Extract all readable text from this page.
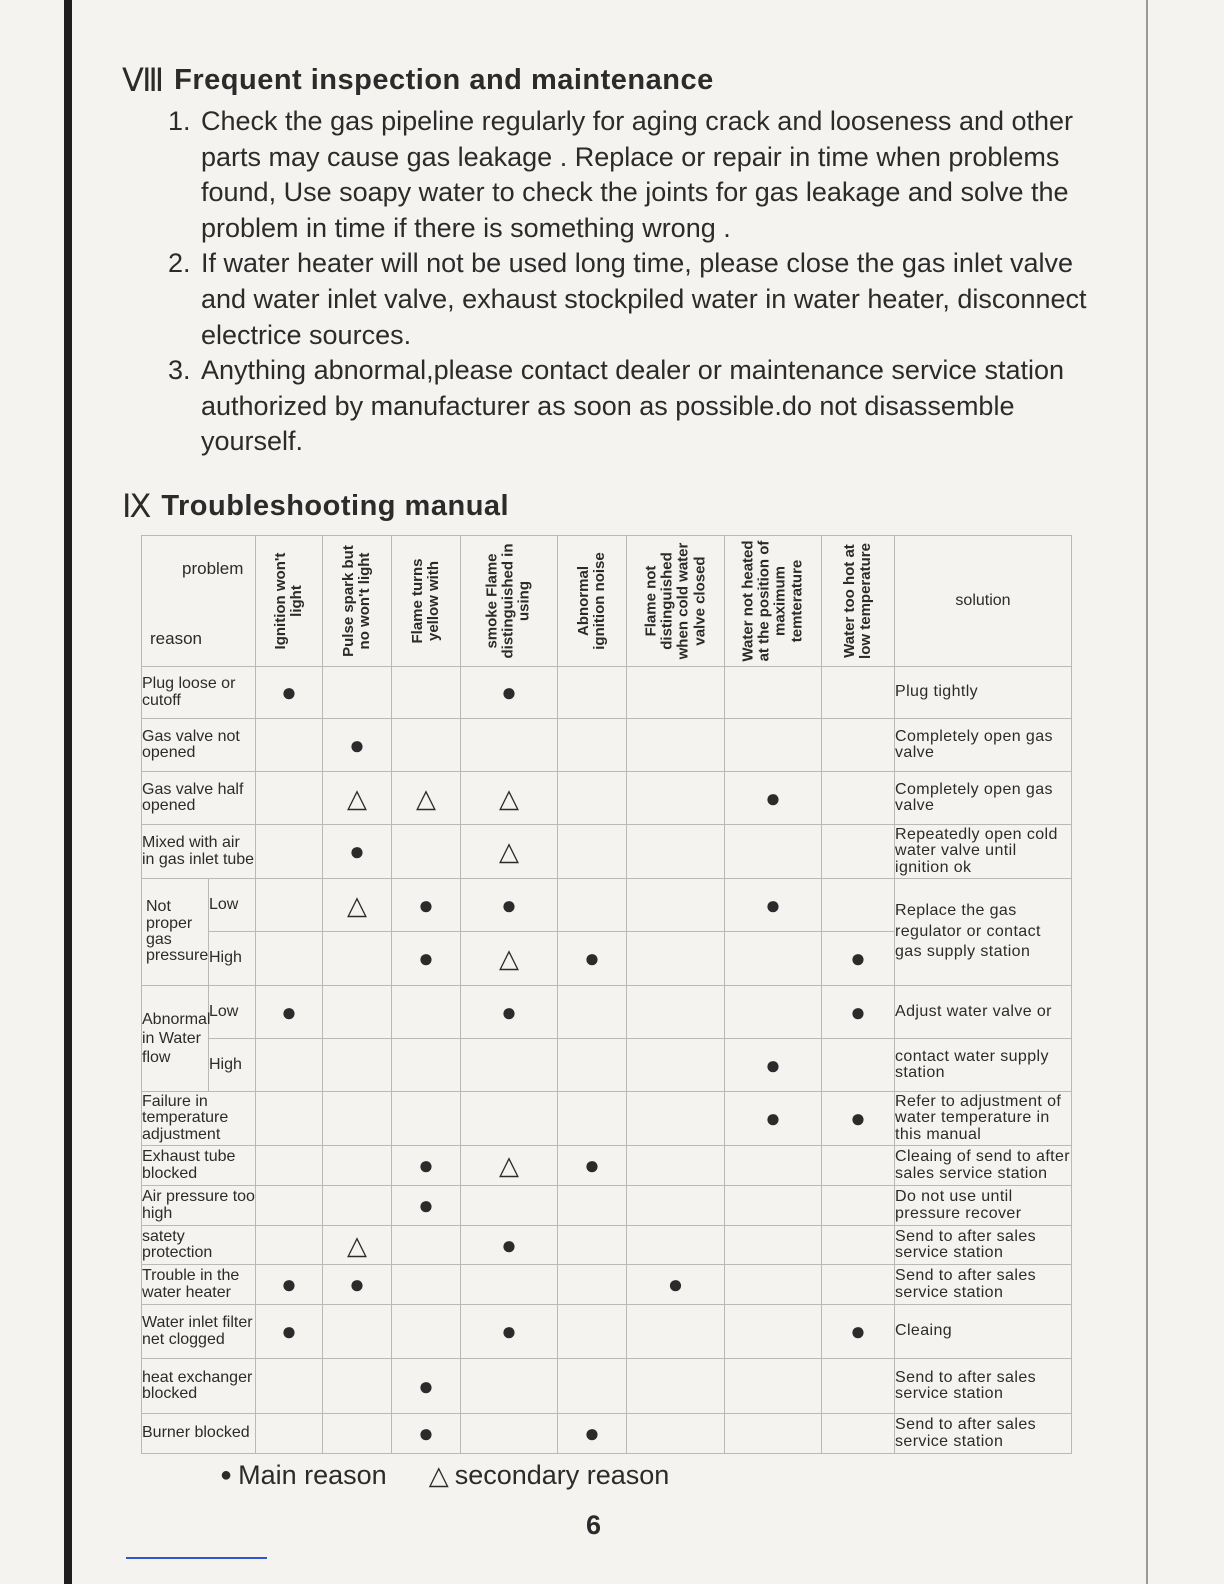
Ⅷ Frequent inspection and maintenance
1. Check the gas pipeline regularly for aging crack and looseness and other parts may cause gas leakage . Replace or repair in time when problems found, Use soapy water to check the joints for gas leakage and solve the problem in time if there is something wrong .
2. If water heater will not be used long time, please close the gas inlet valve and water inlet valve, exhaust stockpiled water in water heater, disconnect electrice sources.
3. Anything abnormal,please contact dealer or maintenance service station authorized by manufacturer as soon as possible.do not disassemble yourself.
Ⅸ Troubleshooting manual
problem
reason		Ignition won't light	Pulse spark but no won't light	Flame turns yellow with	smoke Flame distinguished in using	Abnormal ignition noise	Flame not distinguished when cold water valve closed	Water not heated at the position of maximum temterature	Water too hot at low temperature	solution
Plug loose or cutoff		●			●					Plug tightly
Gas valve not opened			●							Completely open gas valve
Gas valve half opened			△	△	△			●		Completely open gas valve
Mixed with air in gas inlet tube			●		△					Repeatedly open cold water valve until ignition ok
Not proper gas pressure	Low		△	●	●			●		Replace the gas regulator or contact gas supply station
	High			●	△	●			●	
Abnormal in Water flow	Low	●			●				●	Adjust water valve or
	High							●		contact water supply station
Failure in temperature adjustment								●	●	Refer to adjustment of water temperature in this manual
Exhaust tube blocked				●	△	●				Cleaing of send to after sales service station
Air pressure too high				●						Do not use until pressure recover
satety protection			△		●					Send to after sales service station
Trouble in the water heater		●	●				●			Send to after sales service station
Water inlet filter net clogged		●			●				●	Cleaing
heat exchanger blocked				●						Send to after sales service station
Burner blocked				●		●				Send to after sales service station
● Main reason △ secondary reason
6
